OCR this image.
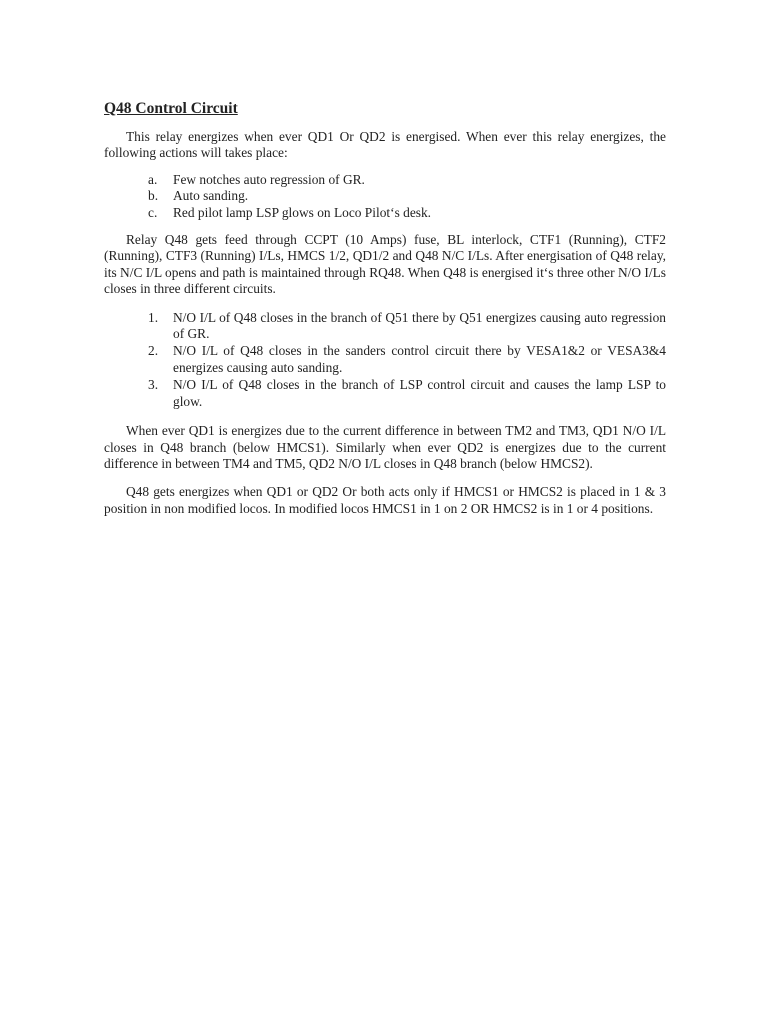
Q48 Control Circuit

This relay energizes when ever QD1 Or QD2 is energised. When ever this relay energizes, the following actions will takes place:

a. Few notches auto regression of GR.
b. Auto sanding.
c. Red pilot lamp LSP glows on Loco Pilot‘s desk.

Relay Q48 gets feed through CCPT (10 Amps) fuse, BL interlock, CTF1 (Running), CTF2 (Running), CTF3 (Running) I/Ls, HMCS 1/2, QD1/2 and Q48 N/C I/Ls. After energisation of Q48 relay, its N/C I/L opens and path is maintained through RQ48. When Q48 is energised it‘s three other N/O I/Ls closes in three different circuits.

1. N/O I/L of Q48 closes in the branch of Q51 there by Q51 energizes causing auto regression of GR.
2. N/O I/L of Q48 closes in the sanders control circuit there by VESA1&2 or VESA3&4 energizes causing auto sanding.
3. N/O I/L of Q48 closes in the branch of LSP control circuit and causes the lamp LSP to glow.

When ever QD1 is energizes due to the current difference in between TM2 and TM3, QD1 N/O I/L closes in Q48 branch (below HMCS1). Similarly when ever QD2 is energizes due to the current difference in between TM4 and TM5, QD2 N/O I/L closes in Q48 branch (below HMCS2).

Q48 gets energizes when QD1 or QD2 Or both acts only if HMCS1 or HMCS2 is placed in 1 & 3 position in non modified locos. In modified locos HMCS1 in 1 on 2 OR HMCS2 is in 1 or 4 positions.
